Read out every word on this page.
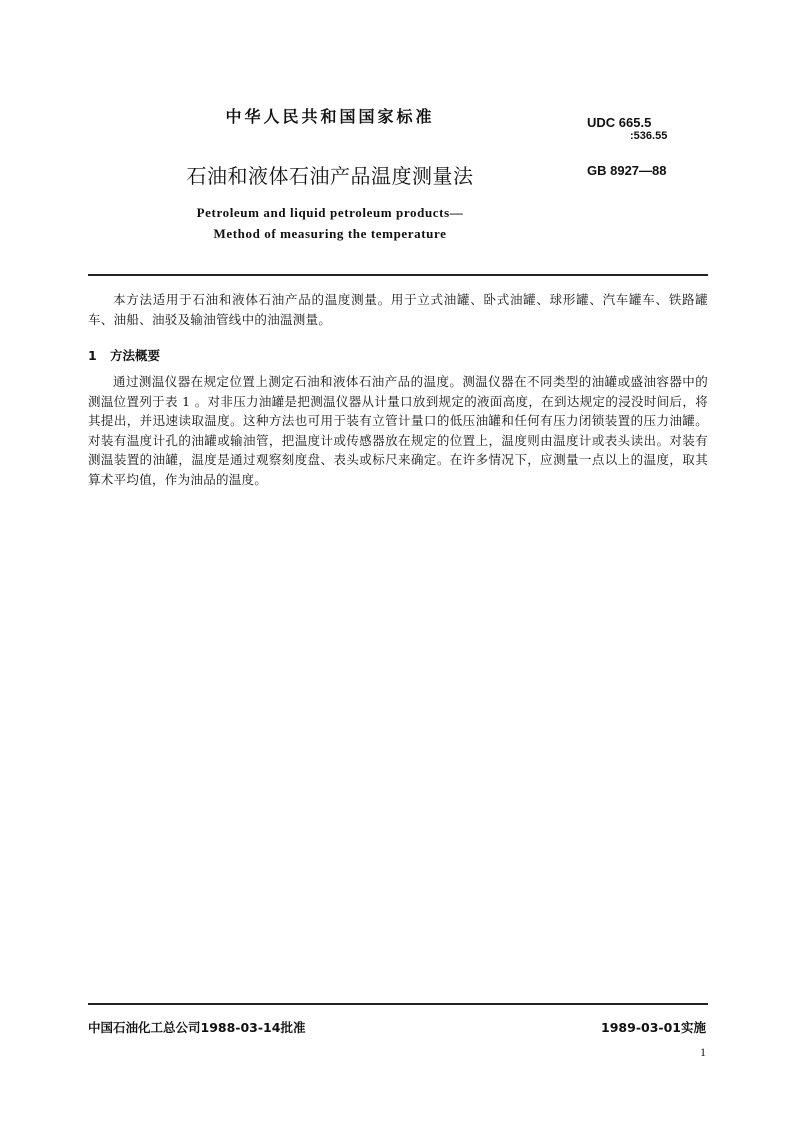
中华人民共和国国家标准	UDC 665.5
:536.55
石油和液体石油产品温度测量法	GB 8927—88
Petroleum and liquid petroleum products—
Method of measuring the temperature

本方法适用于石油和液体石油产品的温度测量。用于立式油罐、卧式油罐、球形罐、汽车罐车、铁路罐车、油船、油驳及输油管线中的油温测量。

1 方法概要

通过测温仪器在规定位置上测定石油和液体石油产品的温度。测温仪器在不同类型的油罐或盛油容器中的测温位置列于表 1 。对非压力油罐是把测温仪器从计量口放到规定的液面高度，在到达规定的浸没时间后，将其提出，并迅速读取温度。这种方法也可用于装有立管计量口的低压油罐和任何有压力闭锁装置的压力油罐。对装有温度计孔的油罐或输油管，把温度计或传感器放在规定的位置上，温度则由温度计或表头读出。对装有测温装置的油罐，温度是通过观察刻度盘、表头或标尺来确定。在许多情况下，应测量一点以上的温度，取其算术平均值，作为油品的温度。

中国石油化工总公司1988-03-14批准	1989-03-01实施
1
